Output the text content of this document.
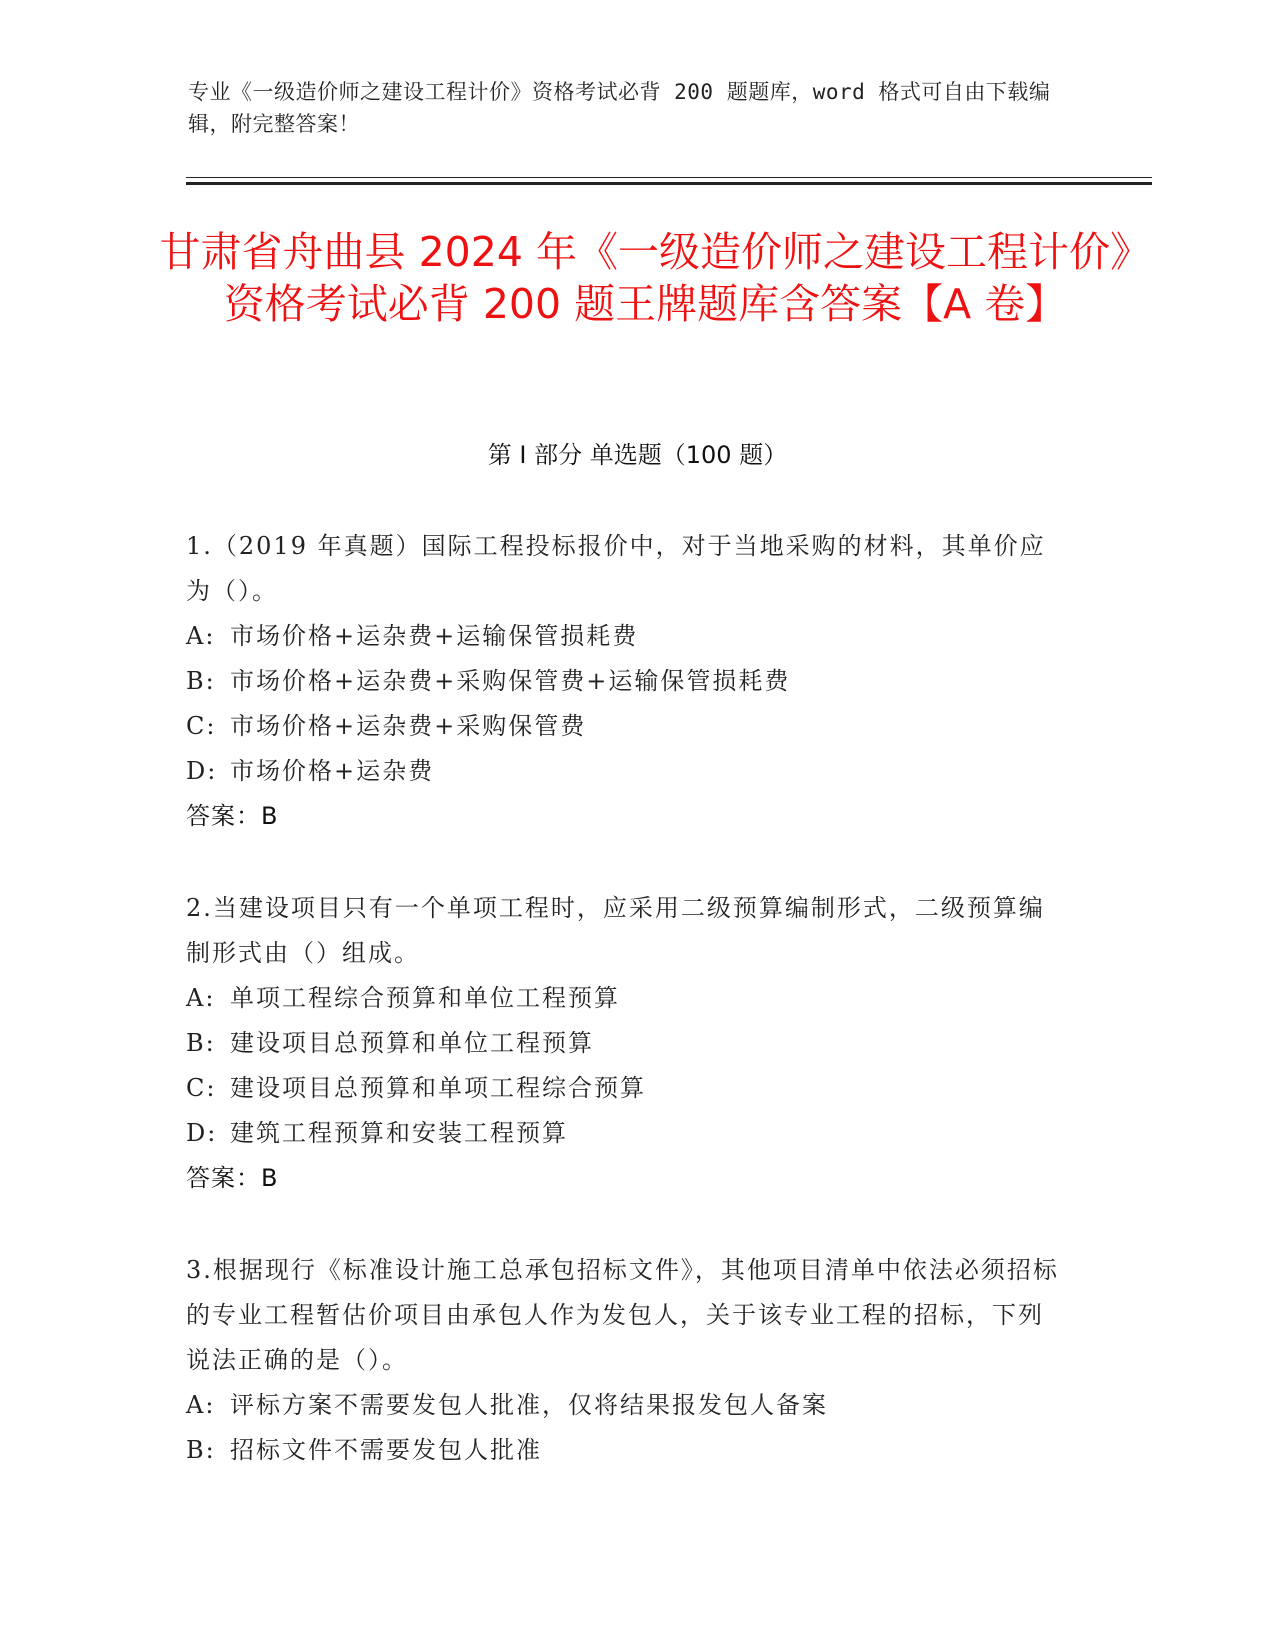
专业《一级造价师之建设工程计价》资格考试必背 200 题题库，word 格式可自由下载编辑，附完整答案！
甘肃省舟曲县 2024 年《一级造价师之建设工程计价》资格考试必背 200 题王牌题库含答案【A 卷】
第 I 部分 单选题（100 题）
1.（2019 年真题）国际工程投标报价中，对于当地采购的材料，其单价应为（）。
A: 市场价格+运杂费+运输保管损耗费
B: 市场价格+运杂费+采购保管费+运输保管损耗费
C: 市场价格+运杂费+采购保管费
D: 市场价格+运杂费
答案：B
2.当建设项目只有一个单项工程时，应采用二级预算编制形式，二级预算编制形式由（）组成。
A: 单项工程综合预算和单位工程预算
B: 建设项目总预算和单位工程预算
C: 建设项目总预算和单项工程综合预算
D: 建筑工程预算和安装工程预算
答案：B
3.根据现行《标准设计施工总承包招标文件》，其他项目清单中依法必须招标的专业工程暂估价项目由承包人作为发包人，关于该专业工程的招标，下列说法正确的是（）。
A: 评标方案不需要发包人批准，仅将结果报发包人备案
B: 招标文件不需要发包人批准
